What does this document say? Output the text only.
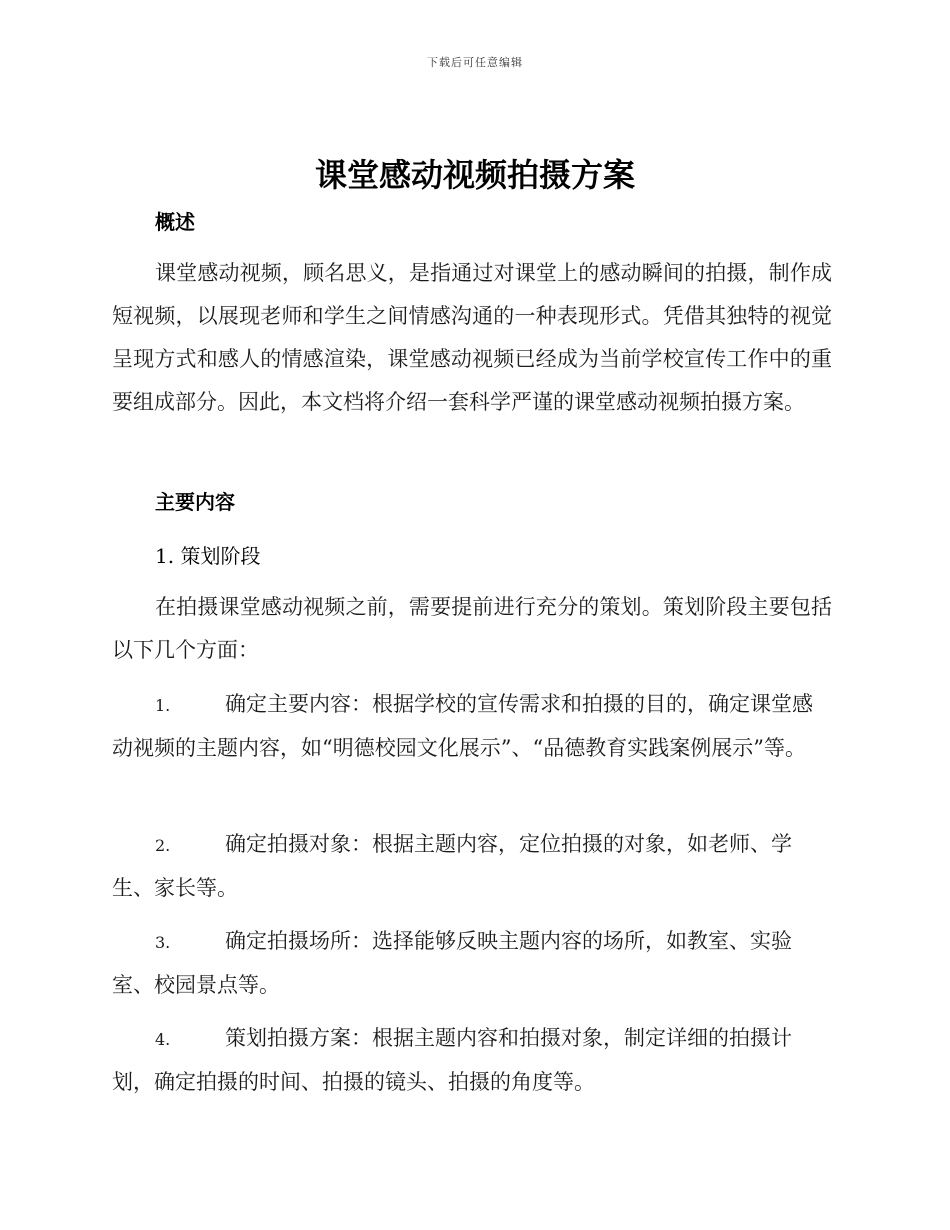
下载后可任意编辑
课堂感动视频拍摄方案
概述

课堂感动视频，顾名思义，是指通过对课堂上的感动瞬间的拍摄，制作成短视频，以展现老师和学生之间情感沟通的一种表现形式。凭借其独特的视觉呈现方式和感人的情感渲染，课堂感动视频已经成为当前学校宣传工作中的重要组成部分。因此，本文档将介绍一套科学严谨的课堂感动视频拍摄方案。

主要内容
1. 策划阶段

在拍摄课堂感动视频之前，需要提前进行充分的策划。策划阶段主要包括以下几个方面：

1.	确定主要内容：根据学校的宣传需求和拍摄的目的，确定课堂感动视频的主题内容，如“明德校园文化展示”、“品德教育实践案例展示”等。

2.	确定拍摄对象：根据主题内容，定位拍摄的对象，如老师、学生、家长等。

3.	确定拍摄场所：选择能够反映主题内容的场所，如教室、实验室、校园景点等。

4.	策划拍摄方案：根据主题内容和拍摄对象，制定详细的拍摄计划，确定拍摄的时间、拍摄的镜头、拍摄的角度等。
